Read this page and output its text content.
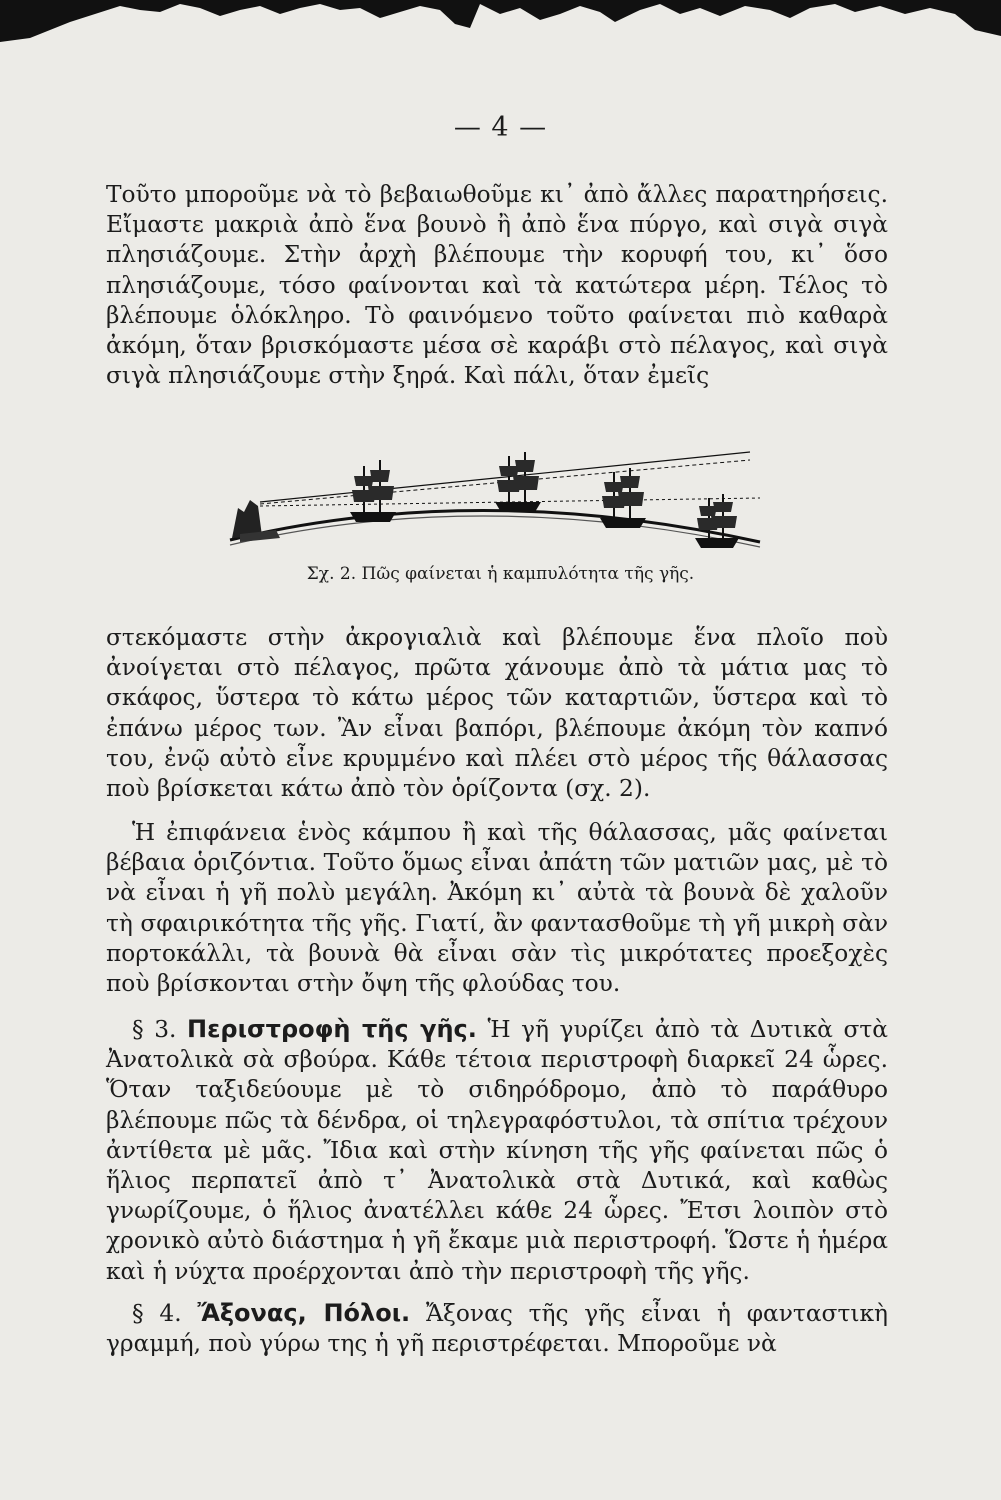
— 4 —

Τοῦτο μποροῦμε νὰ τὸ βεβαιωθοῦμε κι᾽ ἀπὸ ἄλλες παρατηρήσεις. Εἴμαστε μακριὰ ἀπὸ ἕνα βουνὸ ἢ ἀπὸ ἕνα πύργο, καὶ σιγὰ σιγὰ πλησιάζουμε. Στὴν ἀρχὴ βλέπουμε τὴν κορυφή του, κι᾽ ὅσο πλησιάζουμε, τόσο φαίνονται καὶ τὰ κατώτερα μέρη. Τέλος τὸ βλέπουμε ὁλόκληρο. Τὸ φαινόμενο τοῦτο φαίνεται πιὸ καθαρὰ ἀκόμη, ὅταν βρισκόμαστε μέσα σὲ καράβι στὸ πέλαγος, καὶ σιγὰ σιγὰ πλησιάζουμε στὴν ξηρά. Καὶ πάλι, ὅταν ἐμεῖς

Σχ. 2. Πῶς φαίνεται ἡ καμπυλότητα τῆς γῆς.

στεκόμαστε στὴν ἀκρογιαλιὰ καὶ βλέπουμε ἕνα πλοῖο ποὺ ἀνοίγεται στὸ πέλαγος, πρῶτα χάνουμε ἀπὸ τὰ μάτια μας τὸ σκάφος, ὕστερα τὸ κάτω μέρος τῶν καταρτιῶν, ὕστερα καὶ τὸ ἐπάνω μέρος των. Ἂν εἶναι βαπόρι, βλέπουμε ἀκόμη τὸν καπνό του, ἐνῷ αὐτὸ εἶνε κρυμμένο καὶ πλέει στὸ μέρος τῆς θάλασσας ποὺ βρίσκεται κάτω ἀπὸ τὸν ὁρίζοντα (σχ. 2).

Ἡ ἐπιφάνεια ἑνὸς κάμπου ἢ καὶ τῆς θάλασσας, μᾶς φαίνεται βέβαια ὁριζόντια. Τοῦτο ὅμως εἶναι ἀπάτη τῶν ματιῶν μας, μὲ τὸ νὰ εἶναι ἡ γῆ πολὺ μεγάλη. Ἀκόμη κι᾽ αὐτὰ τὰ βουνὰ δὲ χαλοῦν τὴ σφαιρικότητα τῆς γῆς. Γιατί, ἂν φαντασθοῦμε τὴ γῆ μικρὴ σὰν πορτοκάλλι, τὰ βουνὰ θὰ εἶναι σὰν τὶς μικρότατες προεξοχὲς ποὺ βρίσκονται στὴν ὄψη τῆς φλούδας του.

§ 3. Περιστροφὴ τῆς γῆς. Ἡ γῆ γυρίζει ἀπὸ τὰ Δυτικὰ στὰ Ἀνατολικὰ σὰ σβούρα. Κάθε τέτοια περιστροφὴ διαρκεῖ 24 ὧρες. Ὅταν ταξιδεύουμε μὲ τὸ σιδηρόδρομο, ἀπὸ τὸ παράθυρο βλέπουμε πῶς τὰ δένδρα, οἱ τηλεγραφόστυλοι, τὰ σπίτια τρέχουν ἀντίθετα μὲ μᾶς. Ἴδια καὶ στὴν κίνηση τῆς γῆς φαίνεται πῶς ὁ ἥλιος περπατεῖ ἀπὸ τ᾽ Ἀνατολικὰ στὰ Δυτικά, καὶ καθὼς γνωρίζουμε, ὁ ἥλιος ἀνατέλλει κάθε 24 ὧρες. Ἔτσι λοιπὸν στὸ χρονικὸ αὐτὸ διάστημα ἡ γῆ ἔκαμε μιὰ περιστροφή. Ὥστε ἡ ἡμέρα καὶ ἡ νύχτα προέρχονται ἀπὸ τὴν περιστροφὴ τῆς γῆς.

§ 4. Ἄξονας, Πόλοι. Ἄξονας τῆς γῆς εἶναι ἡ φανταστικὴ γραμμή, ποὺ γύρω της ἡ γῆ περιστρέφεται. Μποροῦμε νὰ
